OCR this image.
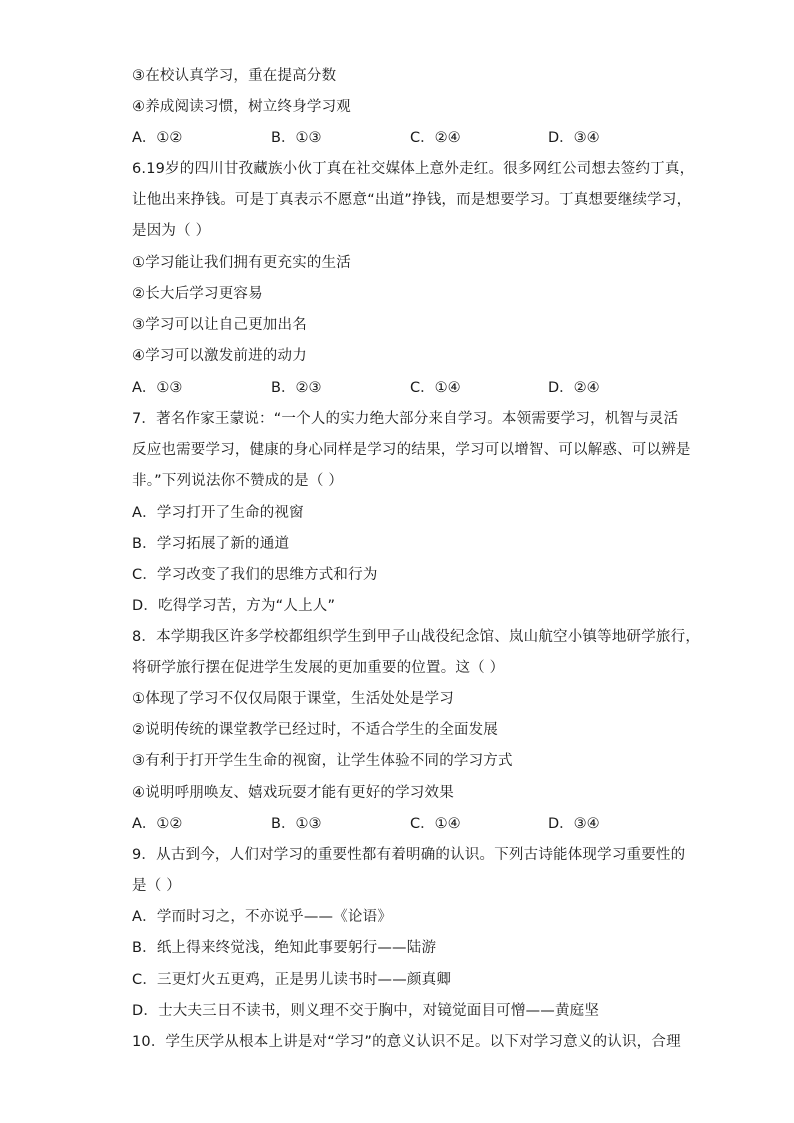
③在校认真学习，重在提高分数
④养成阅读习惯，树立终身学习观
A．①②	B．①③	C．②④	D．③④
6.19岁的四川甘孜藏族小伙丁真在社交媒体上意外走红。很多网红公司想去签约丁真，
让他出来挣钱。可是丁真表示不愿意“出道”挣钱，而是想要学习。丁真想要继续学习，
是因为（ ）
①学习能让我们拥有更充实的生活
②长大后学习更容易
③学习可以让自己更加出名
④学习可以激发前进的动力
A．①③	B．②③	C．①④	D．②④
7．著名作家王蒙说：“一个人的实力绝大部分来自学习。本领需要学习，机智与灵活
反应也需要学习，健康的身心同样是学习的结果，学习可以增智、可以解惑、可以辨是
非。”下列说法你不赞成的是（ ）
A．学习打开了生命的视窗
B．学习拓展了新的通道
C．学习改变了我们的思维方式和行为
D．吃得学习苦，方为“人上人”
8．本学期我区许多学校都组织学生到甲子山战役纪念馆、岚山航空小镇等地研学旅行，
将研学旅行摆在促进学生发展的更加重要的位置。这（ ）
①体现了学习不仅仅局限于课堂，生活处处是学习
②说明传统的课堂教学已经过时，不适合学生的全面发展
③有利于打开学生生命的视窗，让学生体验不同的学习方式
④说明呼朋唤友、嬉戏玩耍才能有更好的学习效果
A．①②	B．①③	C．①④	D．③④
9．从古到今，人们对学习的重要性都有着明确的认识。下列古诗能体现学习重要性的
是（ ）
A．学而时习之，不亦说乎——《论语》
B．纸上得来终觉浅，绝知此事要躬行——陆游
C．三更灯火五更鸡，正是男儿读书时——颜真卿
D．士大夫三日不读书，则义理不交于胸中，对镜觉面目可憎——黄庭坚
10．学生厌学从根本上讲是对“学习”的意义认识不足。以下对学习意义的认识，合理
